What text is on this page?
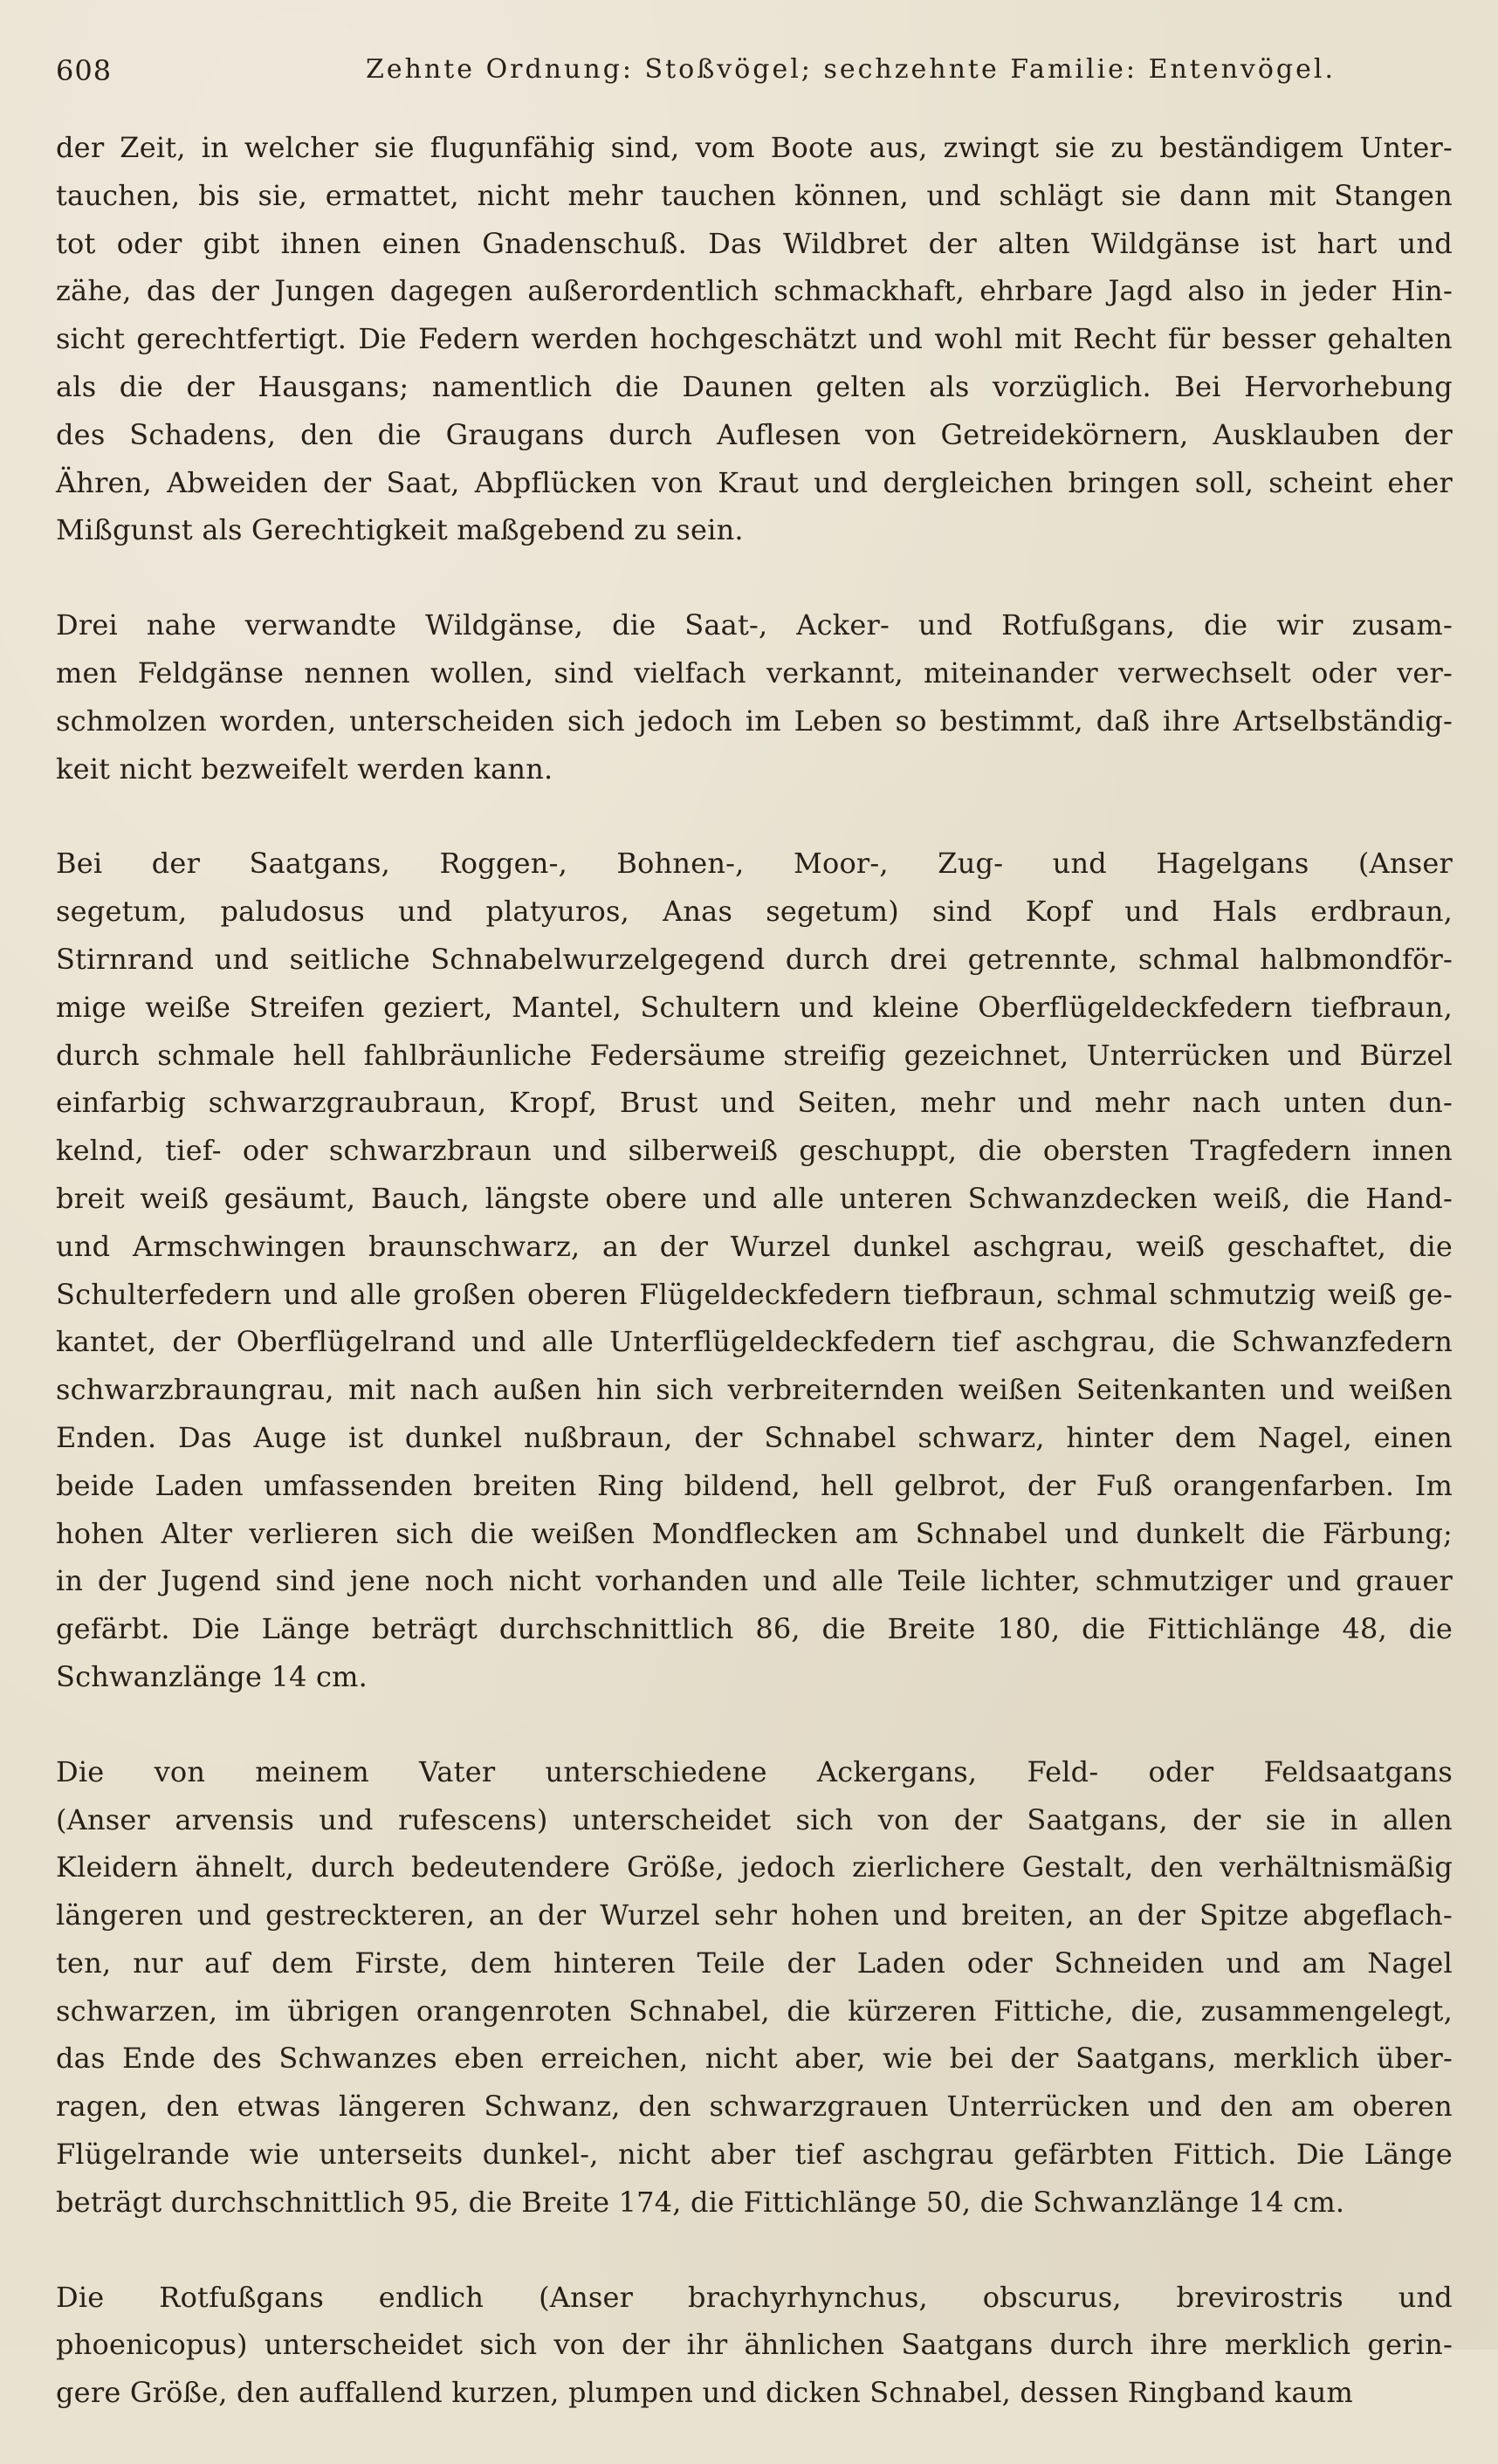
608	Zehnte Ordnung: Stoßvögel; sechzehnte Familie: Entenvögel.
der Zeit, in welcher sie flugunfähig sind, vom Boote aus, zwingt sie zu beständigem Unter-
tauchen, bis sie, ermattet, nicht mehr tauchen können, und schlägt sie dann mit Stangen
tot oder gibt ihnen einen Gnadenschuß. Das Wildbret der alten Wildgänse ist hart und
zähe, das der Jungen dagegen außerordentlich schmackhaft, ehrbare Jagd also in jeder Hin-
sicht gerechtfertigt. Die Federn werden hochgeschätzt und wohl mit Recht für besser gehalten
als die der Hausgans; namentlich die Daunen gelten als vorzüglich. Bei Hervorhebung
des Schadens, den die Graugans durch Auflesen von Getreidekörnern, Ausklauben der
Ähren, Abweiden der Saat, Abpflücken von Kraut und dergleichen bringen soll, scheint eher
Mißgunst als Gerechtigkeit maßgebend zu sein.
Drei nahe verwandte Wildgänse, die Saat-, Acker- und Rotfußgans, die wir zusam-
men Feldgänse nennen wollen, sind vielfach verkannt, miteinander verwechselt oder ver-
schmolzen worden, unterscheiden sich jedoch im Leben so bestimmt, daß ihre Artselbständig-
keit nicht bezweifelt werden kann.
Bei der Saatgans, Roggen-, Bohnen-, Moor-, Zug- und Hagelgans (Anser
segetum, paludosus und platyuros, Anas segetum) sind Kopf und Hals erdbraun,
Stirnrand und seitliche Schnabelwurzelgegend durch drei getrennte, schmal halbmondför-
mige weiße Streifen geziert, Mantel, Schultern und kleine Oberflügeldeckfedern tiefbraun,
durch schmale hell fahlbräunliche Federsäume streifig gezeichnet, Unterrücken und Bürzel
einfarbig schwarzgraubraun, Kropf, Brust und Seiten, mehr und mehr nach unten dun-
kelnd, tief- oder schwarzbraun und silberweiß geschuppt, die obersten Tragfedern innen
breit weiß gesäumt, Bauch, längste obere und alle unteren Schwanzdecken weiß, die Hand-
und Armschwingen braunschwarz, an der Wurzel dunkel aschgrau, weiß geschaftet, die
Schulterfedern und alle großen oberen Flügeldeckfedern tiefbraun, schmal schmutzig weiß ge-
kantet, der Oberflügelrand und alle Unterflügeldeckfedern tief aschgrau, die Schwanzfedern
schwarzbraungrau, mit nach außen hin sich verbreiternden weißen Seitenkanten und weißen
Enden. Das Auge ist dunkel nußbraun, der Schnabel schwarz, hinter dem Nagel, einen
beide Laden umfassenden breiten Ring bildend, hell gelbrot, der Fuß orangenfarben. Im
hohen Alter verlieren sich die weißen Mondflecken am Schnabel und dunkelt die Färbung;
in der Jugend sind jene noch nicht vorhanden und alle Teile lichter, schmutziger und grauer
gefärbt. Die Länge beträgt durchschnittlich 86, die Breite 180, die Fittichlänge 48, die
Schwanzlänge 14 cm.
Die von meinem Vater unterschiedene Ackergans, Feld- oder Feldsaatgans
(Anser arvensis und rufescens) unterscheidet sich von der Saatgans, der sie in allen
Kleidern ähnelt, durch bedeutendere Größe, jedoch zierlichere Gestalt, den verhältnismäßig
längeren und gestreckteren, an der Wurzel sehr hohen und breiten, an der Spitze abgeflach-
ten, nur auf dem Firste, dem hinteren Teile der Laden oder Schneiden und am Nagel
schwarzen, im übrigen orangenroten Schnabel, die kürzeren Fittiche, die, zusammengelegt,
das Ende des Schwanzes eben erreichen, nicht aber, wie bei der Saatgans, merklich über-
ragen, den etwas längeren Schwanz, den schwarzgrauen Unterrücken und den am oberen
Flügelrande wie unterseits dunkel-, nicht aber tief aschgrau gefärbten Fittich. Die Länge
beträgt durchschnittlich 95, die Breite 174, die Fittichlänge 50, die Schwanzlänge 14 cm.
Die Rotfußgans endlich (Anser brachyrhynchus, obscurus, brevirostris und
phoenicopus) unterscheidet sich von der ihr ähnlichen Saatgans durch ihre merklich gerin-
gere Größe, den auffallend kurzen, plumpen und dicken Schnabel, dessen Ringband kaum
